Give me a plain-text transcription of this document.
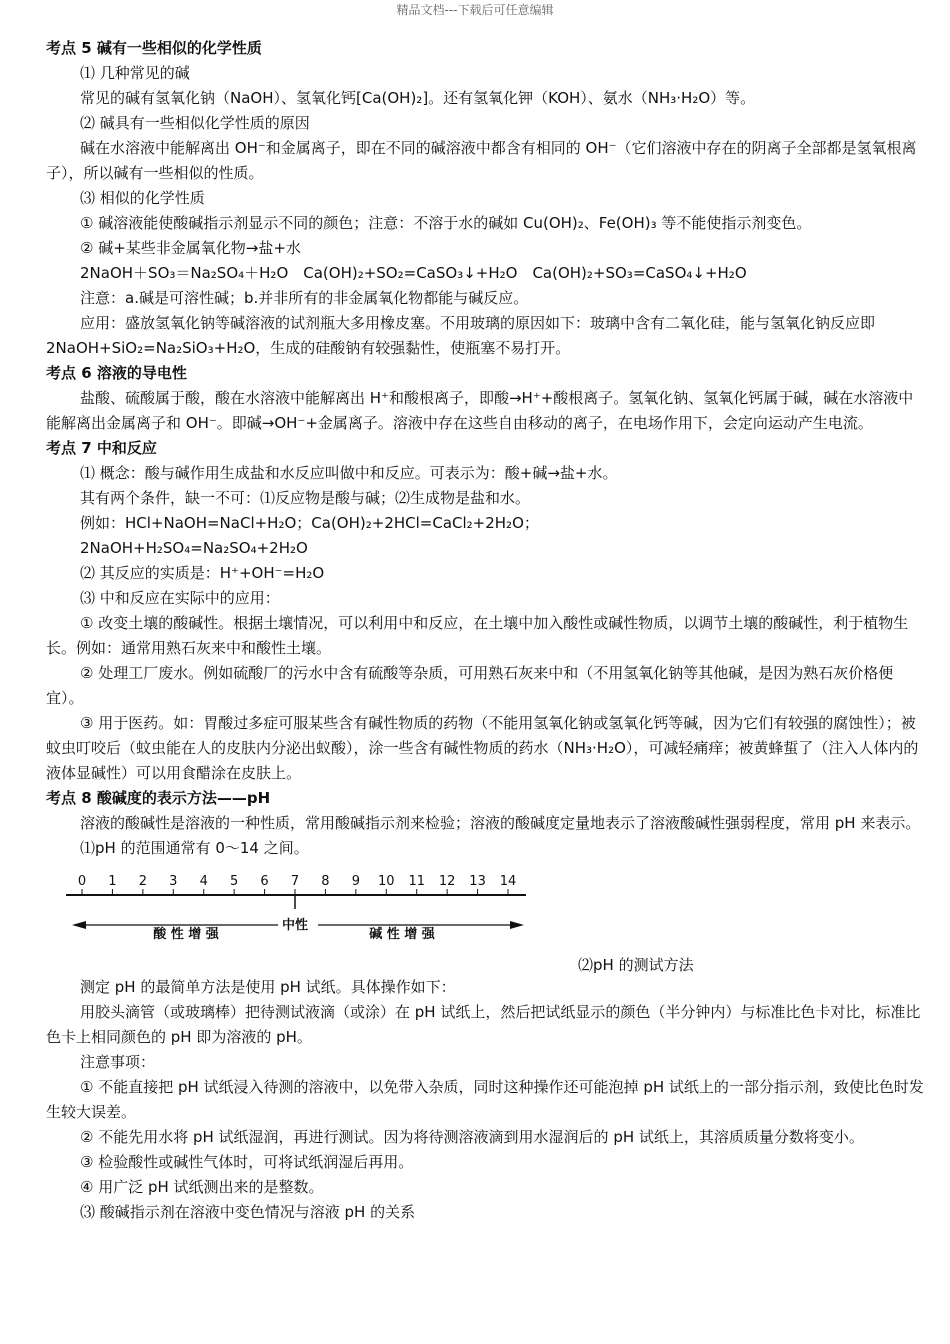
精品文档---下载后可任意编辑

考点 5 碱有一些相似的化学性质

⑴ 几种常见的碱

常见的碱有氢氧化钠（NaOH）、氢氧化钙[Ca(OH)₂]。还有氢氧化钾（KOH）、氨水（NH₃·H₂O）等。

⑵ 碱具有一些相似化学性质的原因

碱在水溶液中能解离出 OH⁻和金属离子，即在不同的碱溶液中都含有相同的 OH⁻（它们溶液中存在的阴离子全部都是氢氧根离子），所以碱有一些相似的性质。

⑶ 相似的化学性质

① 碱溶液能使酸碱指示剂显示不同的颜色；注意：不溶于水的碱如 Cu(OH)₂、Fe(OH)₃ 等不能使指示剂变色。

② 碱+某些非金属氧化物→盐+水

2NaOH＋SO₃＝Na₂SO₄＋H₂O　Ca(OH)₂+SO₂=CaSO₃↓+H₂O　Ca(OH)₂+SO₃=CaSO₄↓+H₂O

注意：a.碱是可溶性碱；b.并非所有的非金属氧化物都能与碱反应。

应用：盛放氢氧化钠等碱溶液的试剂瓶大多用橡皮塞。不用玻璃的原因如下：玻璃中含有二氧化硅，能与氢氧化钠反应即 2NaOH+SiO₂=Na₂SiO₃+H₂O，生成的硅酸钠有较强黏性，使瓶塞不易打开。

考点 6 溶液的导电性

盐酸、硫酸属于酸，酸在水溶液中能解离出 H⁺和酸根离子，即酸→H⁺+酸根离子。氢氧化钠、氢氧化钙属于碱，碱在水溶液中能解离出金属离子和 OH⁻。即碱→OH⁻+金属离子。溶液中存在这些自由移动的离子，在电场作用下，会定向运动产生电流。

考点 7 中和反应

⑴ 概念：酸与碱作用生成盐和水反应叫做中和反应。可表示为：酸+碱→盐+水。

其有两个条件，缺一不可：⑴反应物是酸与碱；⑵生成物是盐和水。

例如：HCl+NaOH=NaCl+H₂O；Ca(OH)₂+2HCl=CaCl₂+2H₂O；

2NaOH+H₂SO₄=Na₂SO₄+2H₂O

⑵ 其反应的实质是：H⁺+OH⁻=H₂O

⑶ 中和反应在实际中的应用：

① 改变土壤的酸碱性。根据土壤情况，可以利用中和反应，在土壤中加入酸性或碱性物质，以调节土壤的酸碱性，利于植物生长。例如：通常用熟石灰来中和酸性土壤。

② 处理工厂废水。例如硫酸厂的污水中含有硫酸等杂质，可用熟石灰来中和（不用氢氧化钠等其他碱，是因为熟石灰价格便宜）。

③ 用于医药。如：胃酸过多症可服某些含有碱性物质的药物（不能用氢氧化钠或氢氧化钙等碱，因为它们有较强的腐蚀性）；被蚊虫叮咬后（蚊虫能在人的皮肤内分泌出蚁酸），涂一些含有碱性物质的药水（NH₃·H₂O），可减轻痛痒；被黄蜂蜇了（注入人体内的液体显碱性）可以用食醋涂在皮肤上。

考点 8 酸碱度的表示方法——pH

溶液的酸碱性是溶液的一种性质，常用酸碱指示剂来检验；溶液的酸碱度定量地表示了溶液酸碱性强弱程度，常用 pH 来表示。

⑴pH 的范围通常有 0～14 之间。

0 1 2 3 4 5 6 7 8 9 10 11 12 13 14
酸 性 增 强
中性
碱 性 增 强
⑵pH 的测试方法

测定 pH 的最简单方法是使用 pH 试纸。具体操作如下：

用胶头滴管（或玻璃棒）把待测试液滴（或涂）在 pH 试纸上，然后把试纸显示的颜色（半分钟内）与标准比色卡对比，标准比色卡上相同颜色的 pH 即为溶液的 pH。

注意事项：

① 不能直接把 pH 试纸浸入待测的溶液中，以免带入杂质，同时这种操作还可能泡掉 pH 试纸上的一部分指示剂，致使比色时发生较大误差。

② 不能先用水将 pH 试纸湿润，再进行测试。因为将待测溶液滴到用水湿润后的 pH 试纸上，其溶质质量分数将变小。

③ 检验酸性或碱性气体时，可将试纸润湿后再用。

④ 用广泛 pH 试纸测出来的是整数。

⑶ 酸碱指示剂在溶液中变色情况与溶液 pH 的关系
